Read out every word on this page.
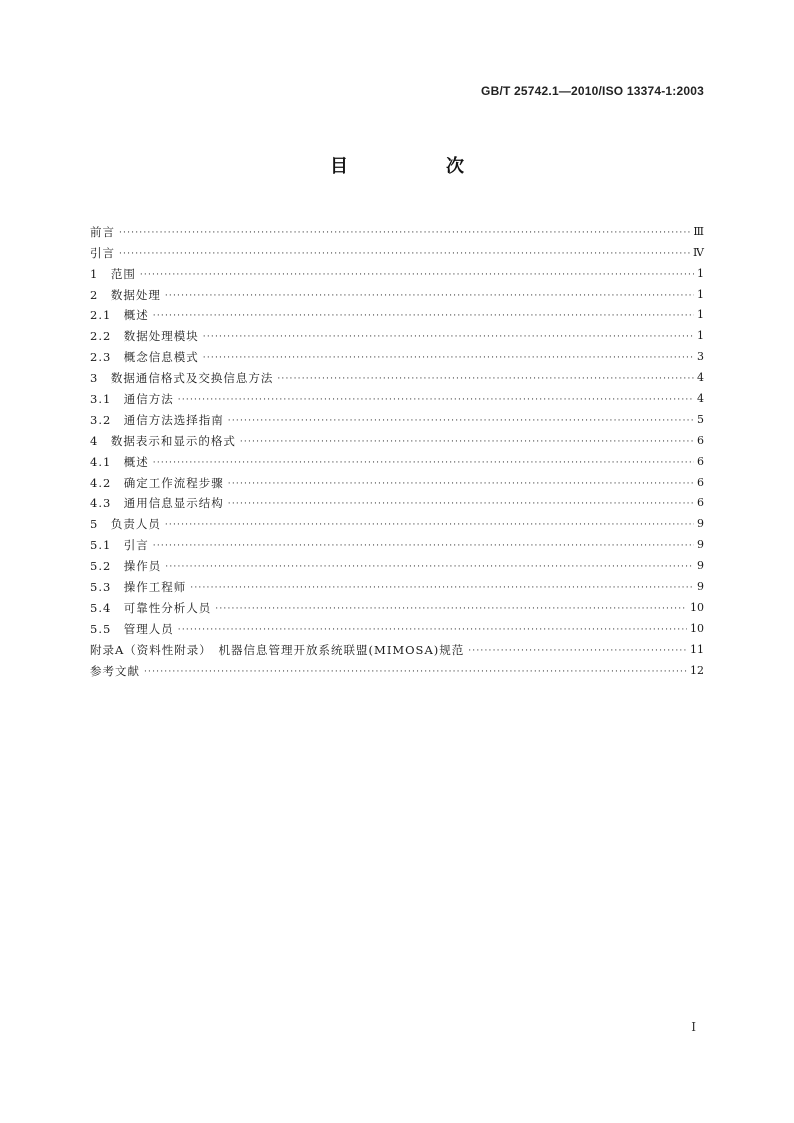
GB/T 25742.1—2010/ISO 13374-1:2003
目　次
前言 ·····	Ⅲ
引言 ·····	Ⅳ
1　范围 ·····	1
2　数据处理 ·····	1
2.1　概述 ·····	1
2.2　数据处理模块 ·····	1
2.3　概念信息模式 ·····	3
3　数据通信格式及交换信息方法 ·····	4
3.1　通信方法 ·····	4
3.2　通信方法选择指南 ·····	5
4　数据表示和显示的格式 ·····	6
4.1　概述 ·····	6
4.2　确定工作流程步骤 ·····	6
4.3　通用信息显示结构 ·····	6
5　负责人员 ·····	9
5.1　引言 ·····	9
5.2　操作员 ·····	9
5.3　操作工程师 ·····	9
5.4　可靠性分析人员 ·····	10
5.5　管理人员 ·····	10
附录A（资料性附录）　机器信息管理开放系统联盟(MIMOSA)规范 ·····	11
参考文献 ·····	12
Ⅰ
